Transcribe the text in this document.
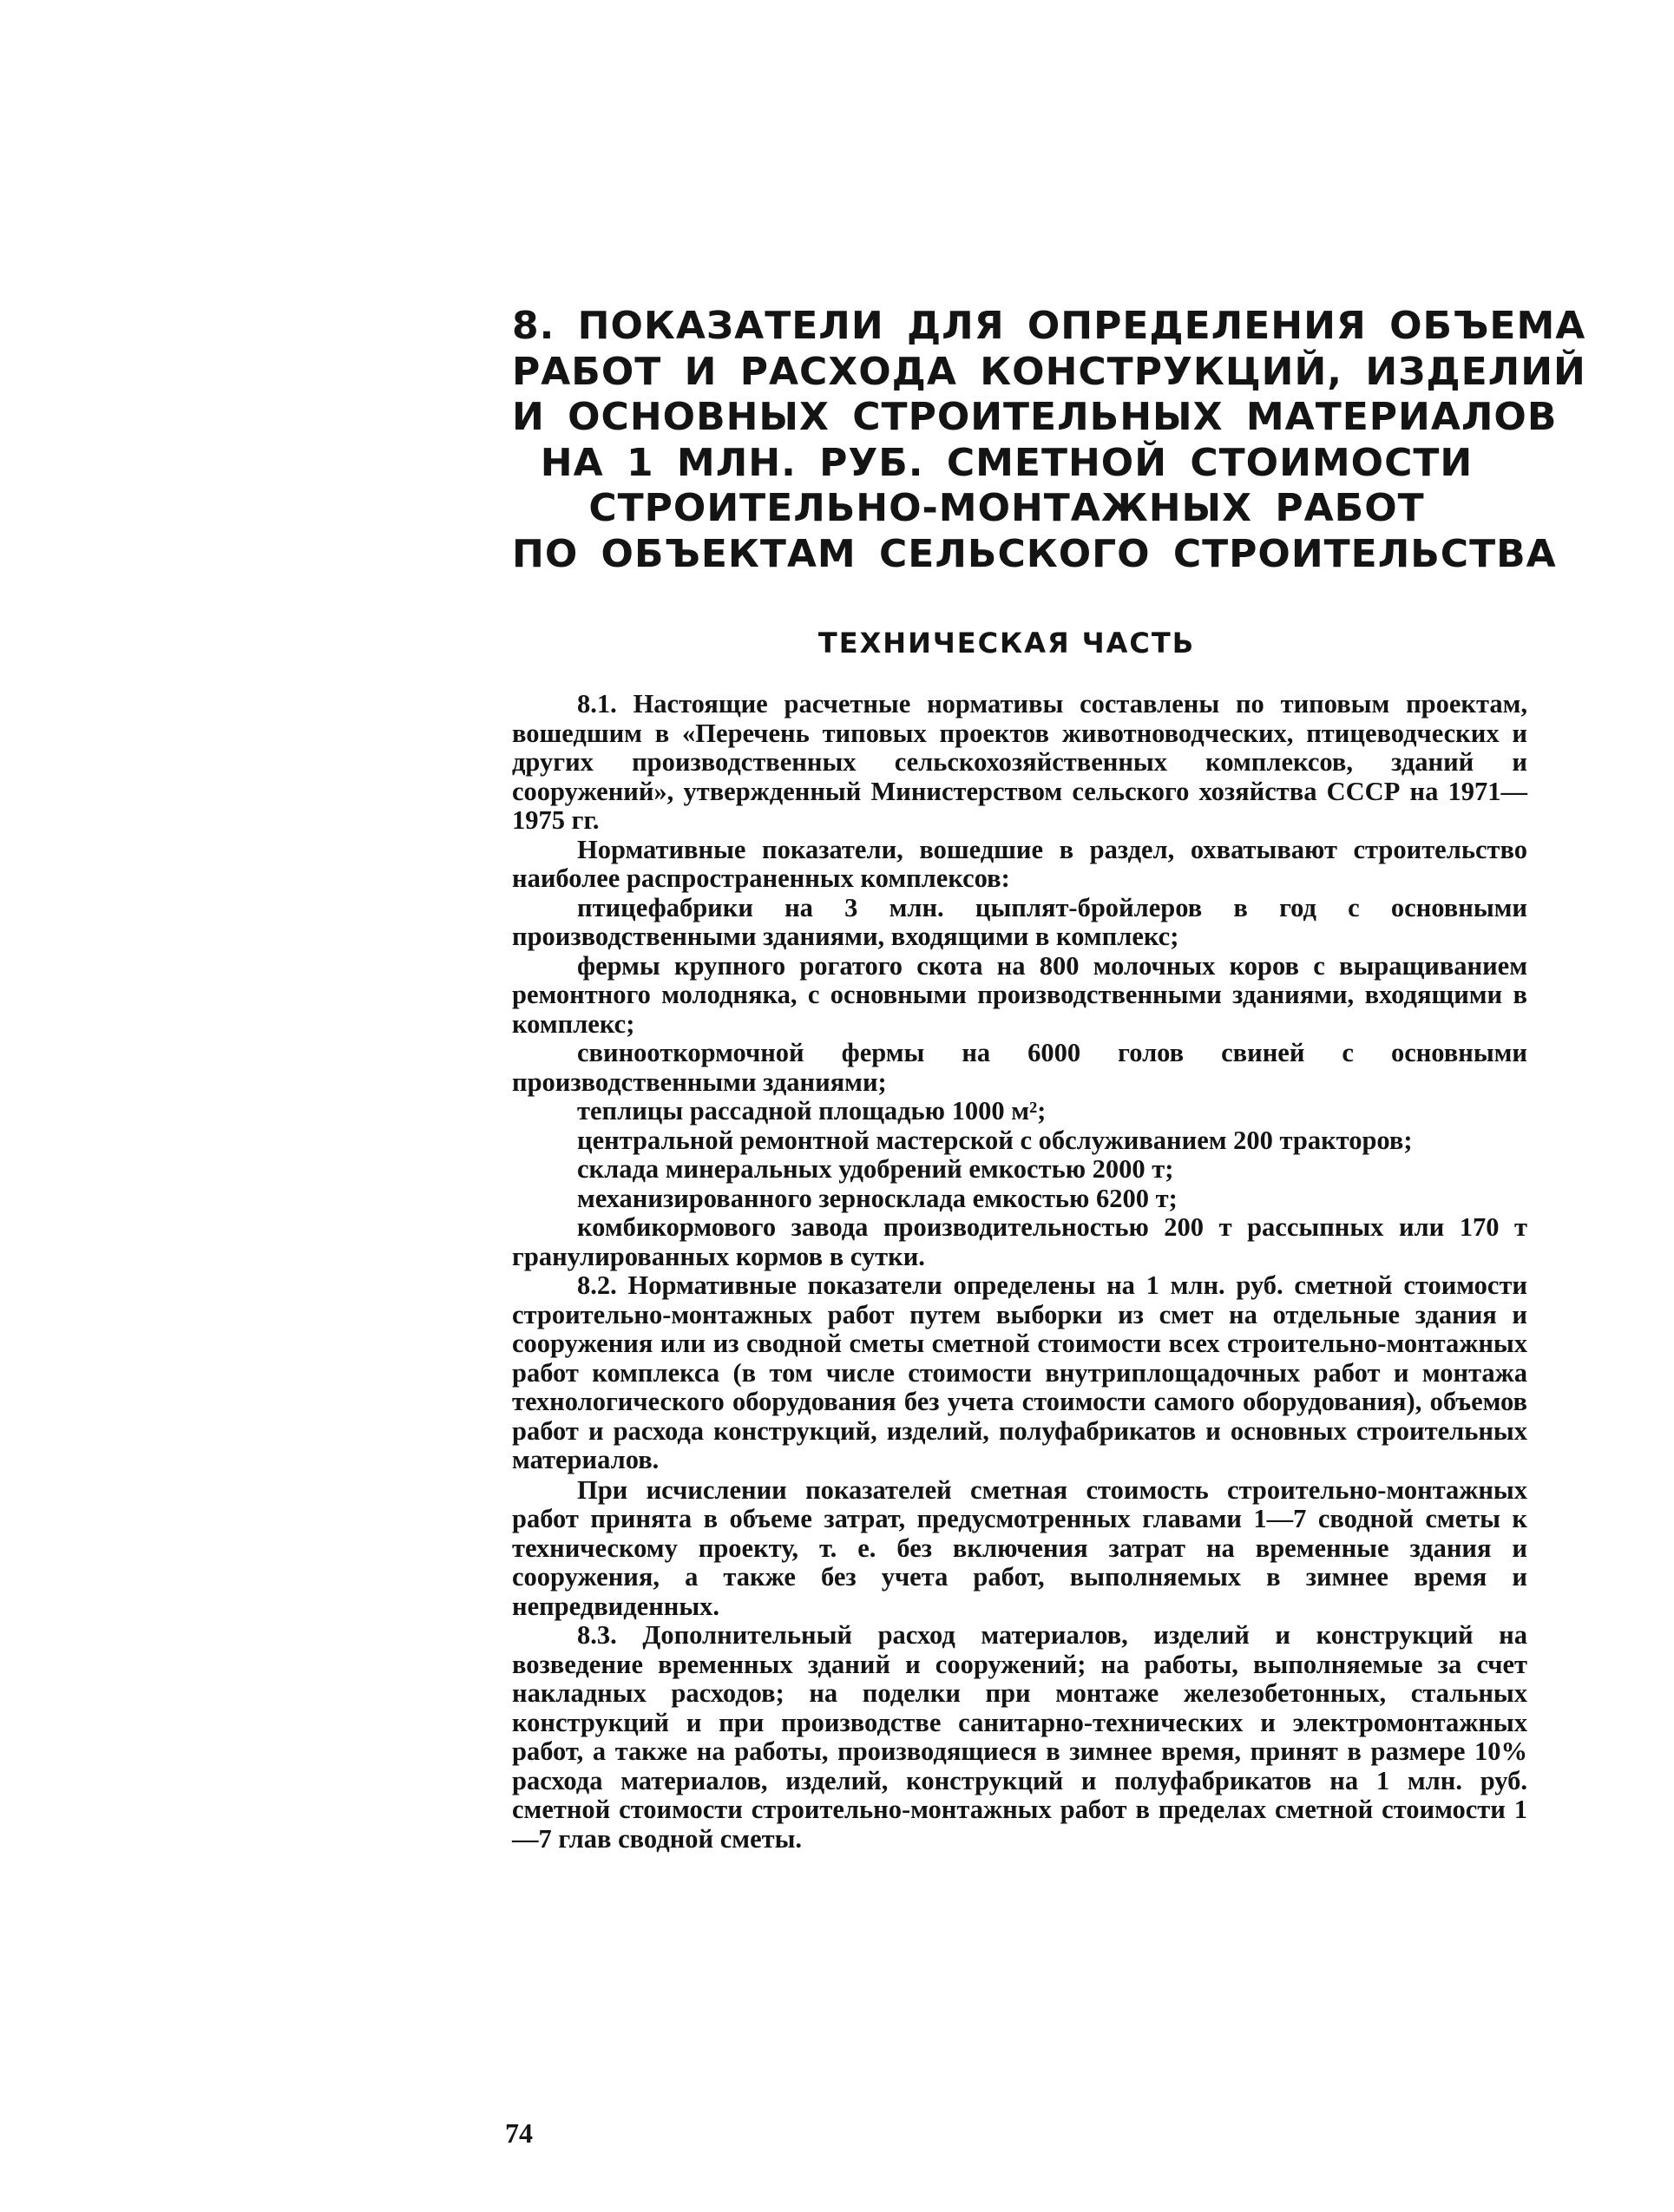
8. ПОКАЗАТЕЛИ ДЛЯ ОПРЕДЕЛЕНИЯ ОБЪЕМА
РАБОТ И РАСХОДА КОНСТРУКЦИЙ, ИЗДЕЛИЙ
И ОСНОВНЫХ СТРОИТЕЛЬНЫХ МАТЕРИАЛОВ
НА 1 МЛН. РУБ. СМЕТНОЙ СТОИМОСТИ
СТРОИТЕЛЬНО-МОНТАЖНЫХ РАБОТ
ПО ОБЪЕКТАМ СЕЛЬСКОГО СТРОИТЕЛЬСТВА
ТЕХНИЧЕСКАЯ ЧАСТЬ

8.1. Настоящие расчетные нормативы составлены по типовым проектам, вошедшим в «Перечень типовых проектов животноводческих, птицеводческих и других производственных сельскохозяйственных комплексов, зданий и сооружений», утвержденный Министерством сельского хозяйства СССР на 1971—1975 гг.

Нормативные показатели, вошедшие в раздел, охватывают строительство наиболее распространенных комплексов:

птицефабрики на 3 млн. цыплят-бройлеров в год с основными производственными зданиями, входящими в комплекс;

фермы крупного рогатого скота на 800 молочных коров с выращиванием ремонтного молодняка, с основными производственными зданиями, входящими в комплекс;

свинооткормочной фермы на 6000 голов свиней с основными производственными зданиями;

теплицы рассадной площадью 1000 м²;

центральной ремонтной мастерской с обслуживанием 200 тракторов;

склада минеральных удобрений емкостью 2000 т;

механизированного зерносклада емкостью 6200 т;

комбикормового завода производительностью 200 т рассыпных или 170 т гранулированных кормов в сутки.

8.2. Нормативные показатели определены на 1 млн. руб. сметной стоимости строительно-монтажных работ путем выборки из смет на отдельные здания и сооружения или из сводной сметы сметной стоимости всех строительно-монтажных работ комплекса (в том числе стоимости внутриплощадочных работ и монтажа технологического оборудования без учета стоимости самого оборудования), объемов работ и расхода конструкций, изделий, полуфабрикатов и основных строительных материалов.

При исчислении показателей сметная стоимость строительно-монтажных работ принята в объеме затрат, предусмотренных главами 1—7 сводной сметы к техническому проекту, т. е. без включения затрат на временные здания и сооружения, а также без учета работ, выполняемых в зимнее время и непредвиденных.

8.3. Дополнительный расход материалов, изделий и конструкций на возведение временных зданий и сооружений; на работы, выполняемые за счет накладных расходов; на поделки при монтаже железобетонных, стальных конструкций и при производстве санитарно-технических и электромонтажных работ, а также на работы, производящиеся в зимнее время, принят в размере 10% расхода материалов, изделий, конструкций и полуфабрикатов на 1 млн. руб. сметной стоимости строительно-монтажных работ в пределах сметной стоимости 1—7 глав сводной сметы.

74
